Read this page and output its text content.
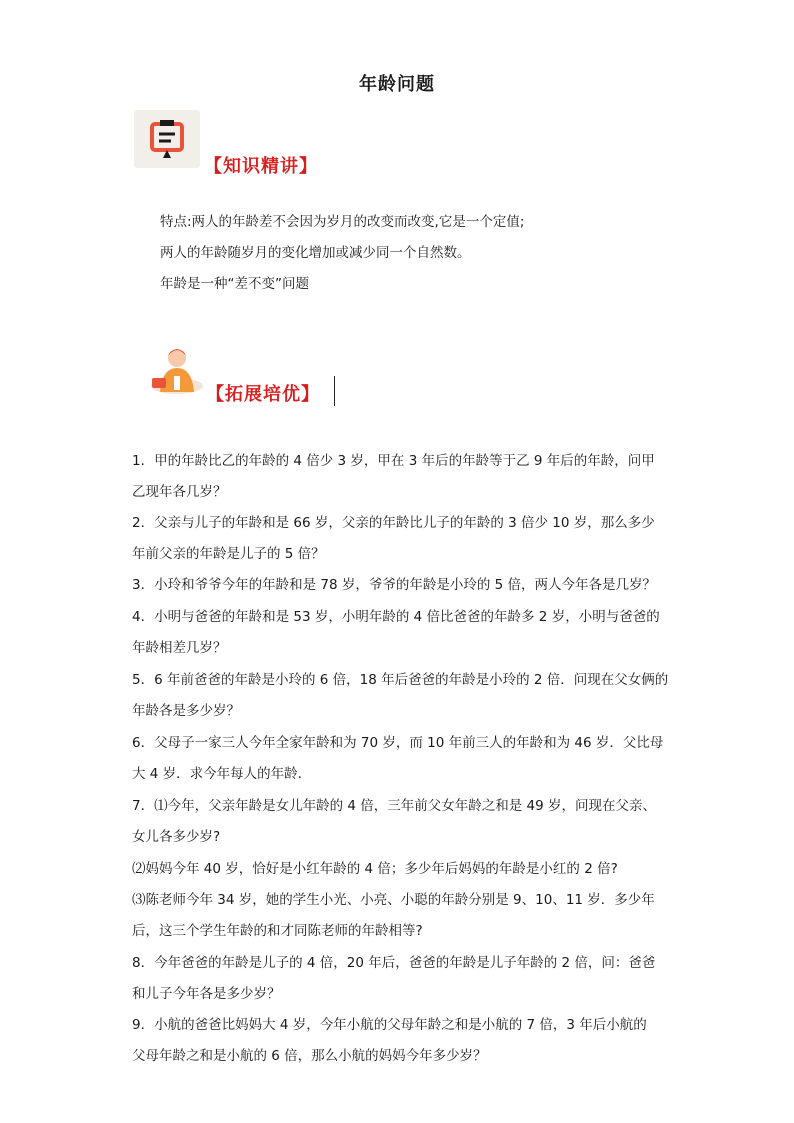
年龄问题
【知识精讲】
特点:两人的年龄差不会因为岁月的改变而改变,它是一个定值;
两人的年龄随岁月的变化增加或减少同一个自然数。
年龄是一种“差不变”问题
【拓展培优】
1．甲的年龄比乙的年龄的 4 倍少 3 岁，甲在 3 年后的年龄等于乙 9 年后的年龄，问甲
乙现年各几岁？
2．父亲与儿子的年龄和是 66 岁，父亲的年龄比儿子的年龄的 3 倍少 10 岁，那么多少
年前父亲的年龄是儿子的 5 倍？
3．小玲和爷爷今年的年龄和是 78 岁，爷爷的年龄是小玲的 5 倍，两人今年各是几岁？
4．小明与爸爸的年龄和是 53 岁，小明年龄的 4 倍比爸爸的年龄多 2 岁，小明与爸爸的
年龄相差几岁？
5．6 年前爸爸的年龄是小玲的 6 倍，18 年后爸爸的年龄是小玲的 2 倍．问现在父女俩的
年龄各是多少岁？
6．父母子一家三人今年全家年龄和为 70 岁，而 10 年前三人的年龄和为 46 岁．父比母
大 4 岁．求今年每人的年龄．
7．⑴今年，父亲年龄是女儿年龄的 4 倍，三年前父女年龄之和是 49 岁，问现在父亲、
女儿各多少岁?
⑵妈妈今年 40 岁，恰好是小红年龄的 4 倍；多少年后妈妈的年龄是小红的 2 倍?
⑶陈老师今年 34 岁，她的学生小光、小亮、小聪的年龄分别是 9、10、11 岁．多少年
后，这三个学生年龄的和才同陈老师的年龄相等?
8．今年爸爸的年龄是儿子的 4 倍，20 年后，爸爸的年龄是儿子年龄的 2 倍，问：爸爸
和儿子今年各是多少岁？
9．小航的爸爸比妈妈大 4 岁，今年小航的父母年龄之和是小航的 7 倍，3 年后小航的
父母年龄之和是小航的 6 倍，那么小航的妈妈今年多少岁？
